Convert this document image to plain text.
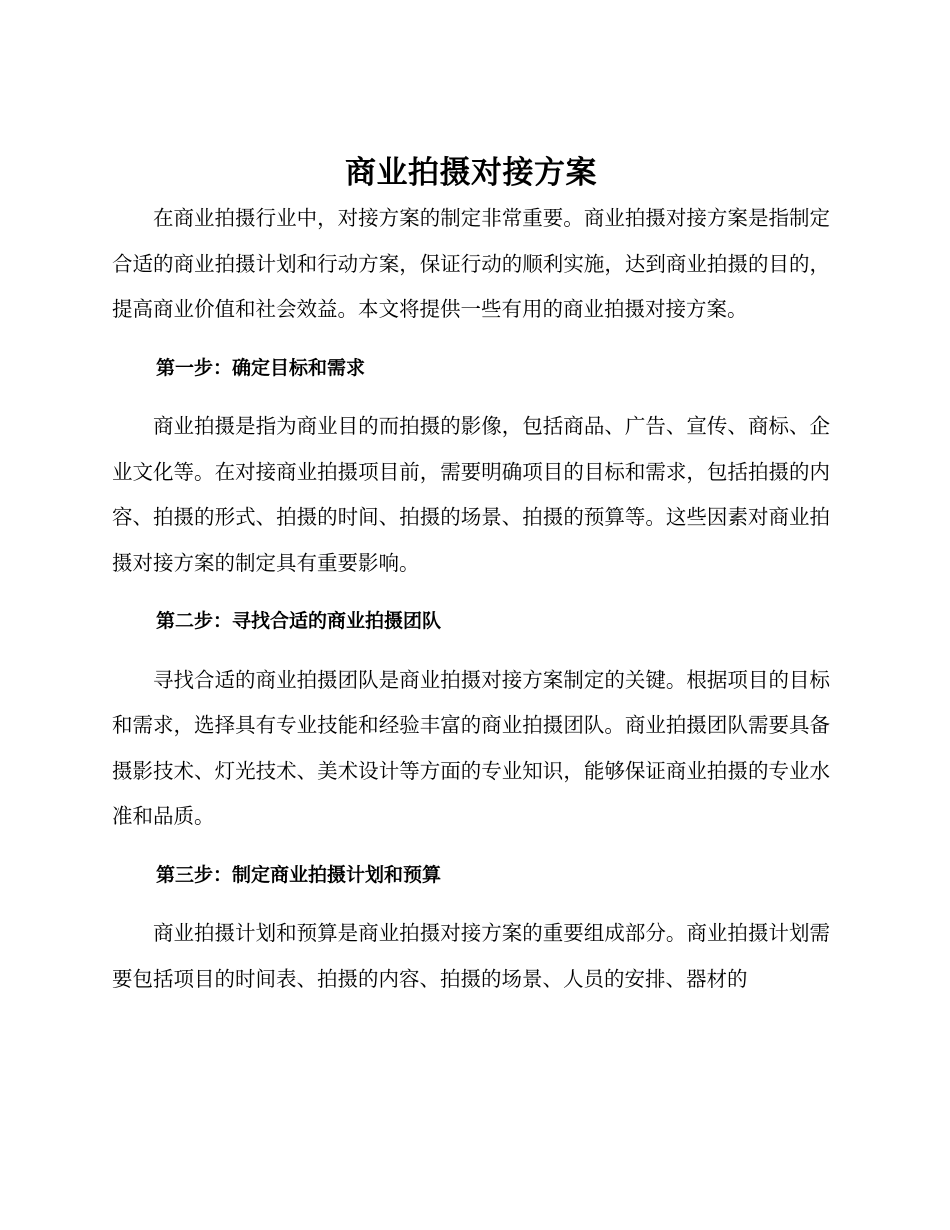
商业拍摄对接方案

在商业拍摄行业中，对接方案的制定非常重要。商业拍摄对接方案是指制定合适的商业拍摄计划和行动方案，保证行动的顺利实施，达到商业拍摄的目的，提高商业价值和社会效益。本文将提供一些有用的商业拍摄对接方案。

第一步：确定目标和需求

商业拍摄是指为商业目的而拍摄的影像，包括商品、广告、宣传、商标、企业文化等。在对接商业拍摄项目前，需要明确项目的目标和需求，包括拍摄的内容、拍摄的形式、拍摄的时间、拍摄的场景、拍摄的预算等。这些因素对商业拍摄对接方案的制定具有重要影响。

第二步：寻找合适的商业拍摄团队

寻找合适的商业拍摄团队是商业拍摄对接方案制定的关键。根据项目的目标和需求，选择具有专业技能和经验丰富的商业拍摄团队。商业拍摄团队需要具备摄影技术、灯光技术、美术设计等方面的专业知识，能够保证商业拍摄的专业水准和品质。

第三步：制定商业拍摄计划和预算

商业拍摄计划和预算是商业拍摄对接方案的重要组成部分。商业拍摄计划需要包括项目的时间表、拍摄的内容、拍摄的场景、人员的安排、器材的
